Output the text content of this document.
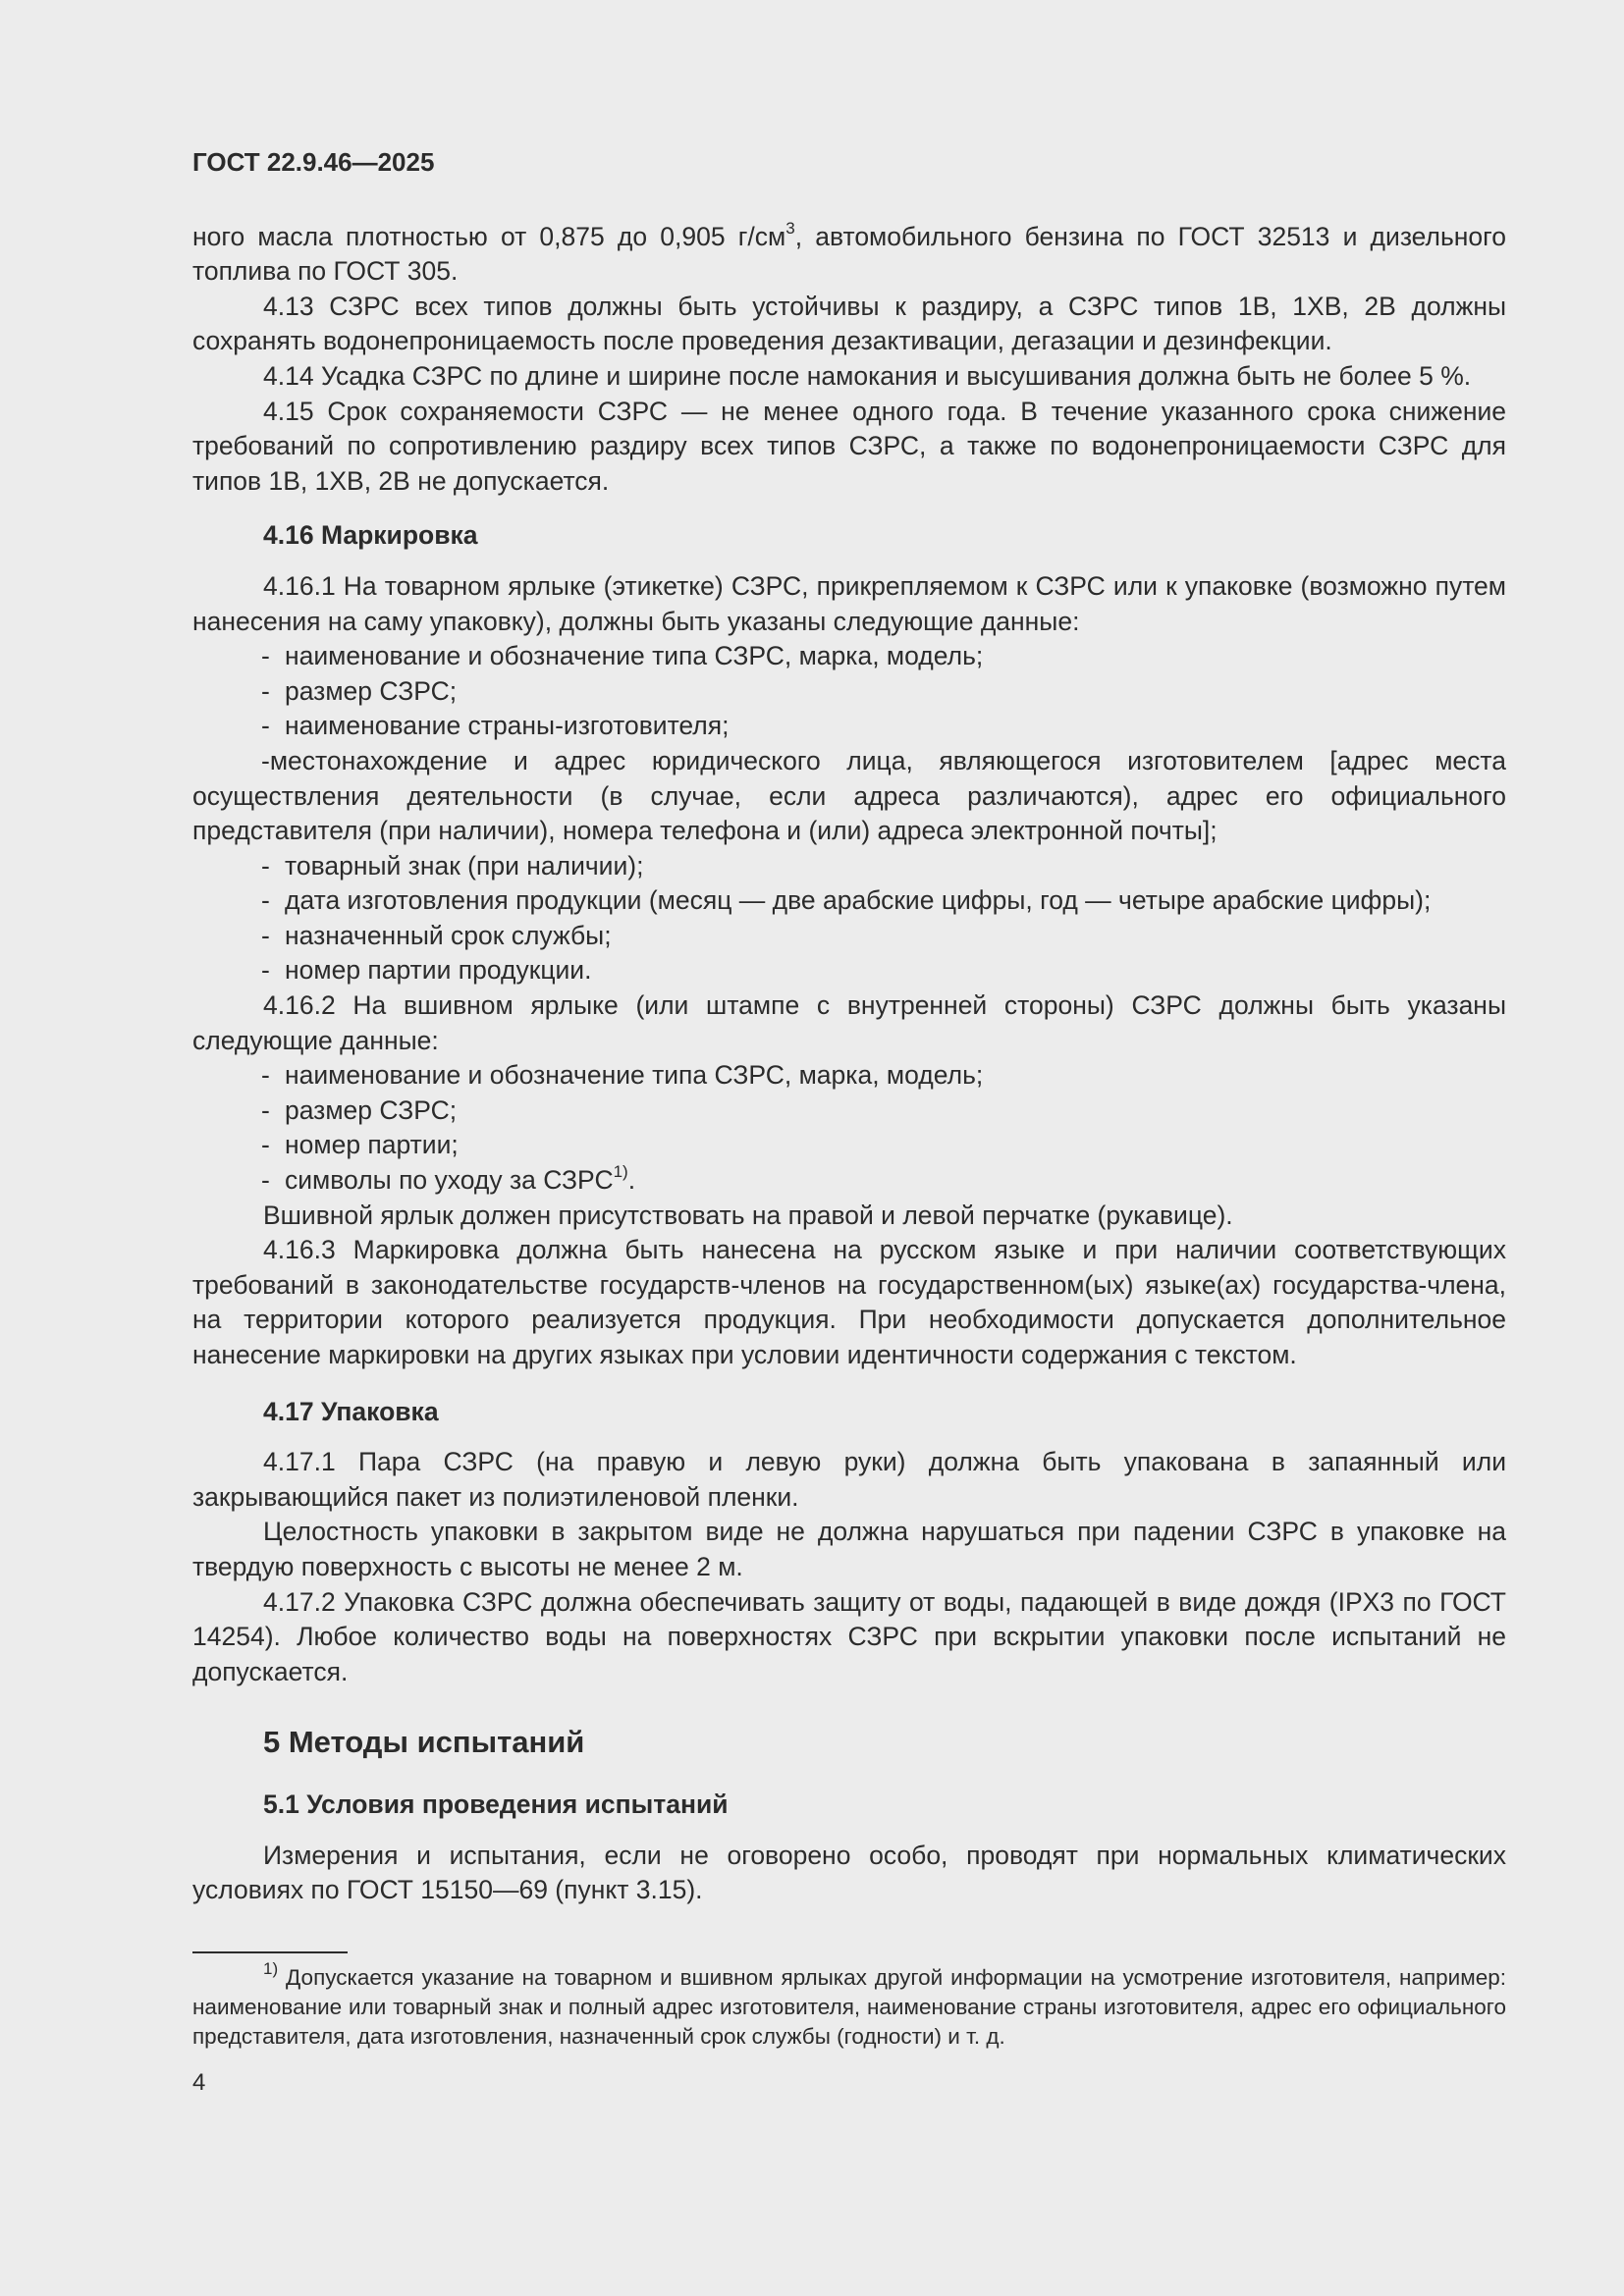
ГОСТ 22.9.46—2025

ного масла плотностью от 0,875 до 0,905 $г/см^3$, автомобильного бензина по ГОСТ 32513 и дизельного топлива по ГОСТ 305.

4.13 СЗРС всех типов должны быть устойчивы к раздиру, а СЗРС типов 1В, 1ХВ, 2В должны сохранять водонепроницаемость после проведения дезактивации, дегазации и дезинфекции.

4.14 Усадка СЗРС по длине и ширине после намокания и высушивания должна быть не более 5 %.

4.15 Срок сохраняемости СЗРС — не менее одного года. В течение указанного срока снижение требований по сопротивлению раздиру всех типов СЗРС, а также по водонепроницаемости СЗРС для типов 1В, 1ХВ, 2В не допускается.

4.16 Маркировка

4.16.1 На товарном ярлыке (этикетке) СЗРС, прикрепляемом к СЗРС или к упаковке (возможно путем нанесения на саму упаковку), должны быть указаны следующие данные:

- наименование и обозначение типа СЗРС, марка, модель;

- размер СЗРС;

- наименование страны-изготовителя;

-местонахождение и адрес юридического лица, являющегося изготовителем [адрес места осуществления деятельности (в случае, если адреса различаются), адрес его официального представителя (при наличии), номера телефона и (или) адреса электронной почты];

- товарный знак (при наличии);

- дата изготовления продукции (месяц — две арабские цифры, год — четыре арабские цифры);

- назначенный срок службы;

- номер партии продукции.

4.16.2 На вшивном ярлыке (или штампе с внутренней стороны) СЗРС должны быть указаны следующие данные:

- наименование и обозначение типа СЗРС, марка, модель;

- размер СЗРС;

- номер партии;

- символы по уходу за СЗРС$^{1)}$.

Вшивной ярлык должен присутствовать на правой и левой перчатке (рукавице).

4.16.3 Маркировка должна быть нанесена на русском языке и при наличии соответствующих требований в законодательстве государств-членов на государственном(ых) языке(ах) государства-члена, на территории которого реализуется продукция. При необходимости допускается дополнительное нанесение маркировки на других языках при условии идентичности содержания с текстом.

4.17 Упаковка

4.17.1 Пара СЗРС (на правую и левую руки) должна быть упакована в запаянный или закрывающийся пакет из полиэтиленовой пленки.

Целостность упаковки в закрытом виде не должна нарушаться при падении СЗРС в упаковке на твердую поверхность с высоты не менее 2 м.

4.17.2 Упаковка СЗРС должна обеспечивать защиту от воды, падающей в виде дождя (IPX3 по ГОСТ 14254). Любое количество воды на поверхностях СЗРС при вскрытии упаковки после испытаний не допускается.

5 Методы испытаний
5.1 Условия проведения испытаний

Измерения и испытания, если не оговорено особо, проводят при нормальных климатических условиях по ГОСТ 15150—69 (пункт 3.15).

$^{1)}$ Допускается указание на товарном и вшивном ярлыках другой информации на усмотрение изготовителя, например: наименование или товарный знак и полный адрес изготовителя, наименование страны изготовителя, адрес его официального представителя, дата изготовления, назначенный срок службы (годности) и т. д.
4
